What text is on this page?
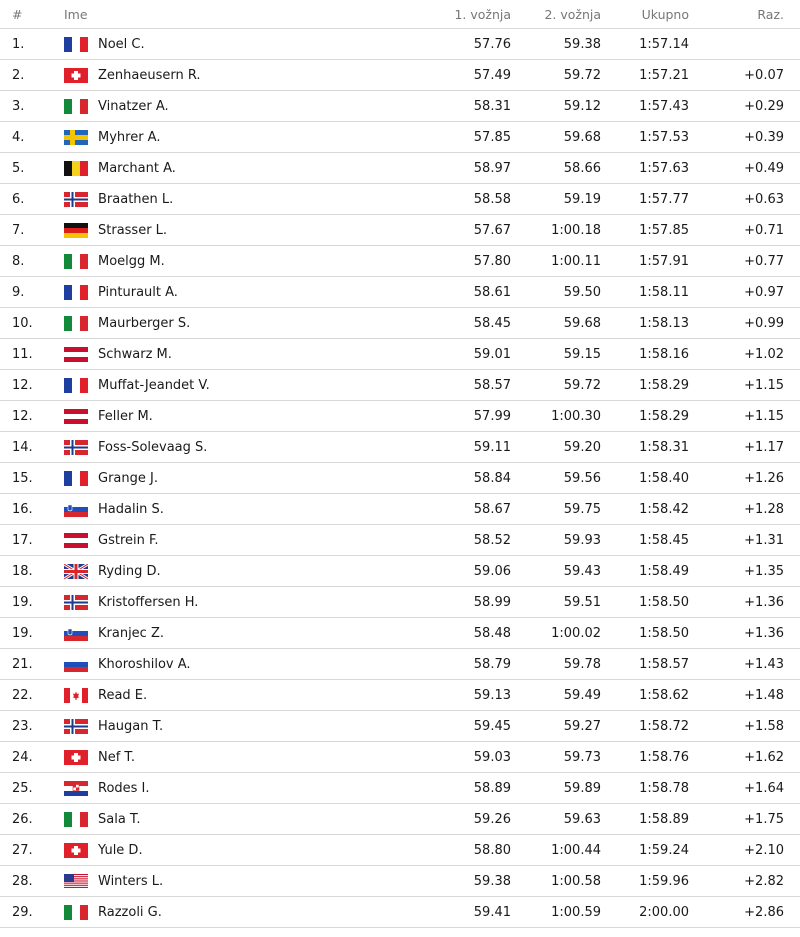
#	Ime	1. vožnja	2. vožnja	Ukupno	Raz.
1.	Noel C.	57.76	59.38	1:57.14	
2.	Zenhaeusern R.	57.49	59.72	1:57.21	+0.07
3.	Vinatzer A.	58.31	59.12	1:57.43	+0.29
4.	Myhrer A.	57.85	59.68	1:57.53	+0.39
5.	Marchant A.	58.97	58.66	1:57.63	+0.49
6.	Braathen L.	58.58	59.19	1:57.77	+0.63
7.	Strasser L.	57.67	1:00.18	1:57.85	+0.71
8.	Moelgg M.	57.80	1:00.11	1:57.91	+0.77
9.	Pinturault A.	58.61	59.50	1:58.11	+0.97
10.	Maurberger S.	58.45	59.68	1:58.13	+0.99
11.	Schwarz M.	59.01	59.15	1:58.16	+1.02
12.	Muffat-Jeandet V.	58.57	59.72	1:58.29	+1.15
12.	Feller M.	57.99	1:00.30	1:58.29	+1.15
14.	Foss-Solevaag S.	59.11	59.20	1:58.31	+1.17
15.	Grange J.	58.84	59.56	1:58.40	+1.26
16.	Hadalin S.	58.67	59.75	1:58.42	+1.28
17.	Gstrein F.	58.52	59.93	1:58.45	+1.31
18.	Ryding D.	59.06	59.43	1:58.49	+1.35
19.	Kristoffersen H.	58.99	59.51	1:58.50	+1.36
19.	Kranjec Z.	58.48	1:00.02	1:58.50	+1.36
21.	Khoroshilov A.	58.79	59.78	1:58.57	+1.43
22.	Read E.	59.13	59.49	1:58.62	+1.48
23.	Haugan T.	59.45	59.27	1:58.72	+1.58
24.	Nef T.	59.03	59.73	1:58.76	+1.62
25.	Rodes I.	58.89	59.89	1:58.78	+1.64
26.	Sala T.	59.26	59.63	1:58.89	+1.75
27.	Yule D.	58.80	1:00.44	1:59.24	+2.10
28.	Winters L.	59.38	1:00.58	1:59.96	+2.82
29.	Razzoli G.	59.41	1:00.59	2:00.00	+2.86
